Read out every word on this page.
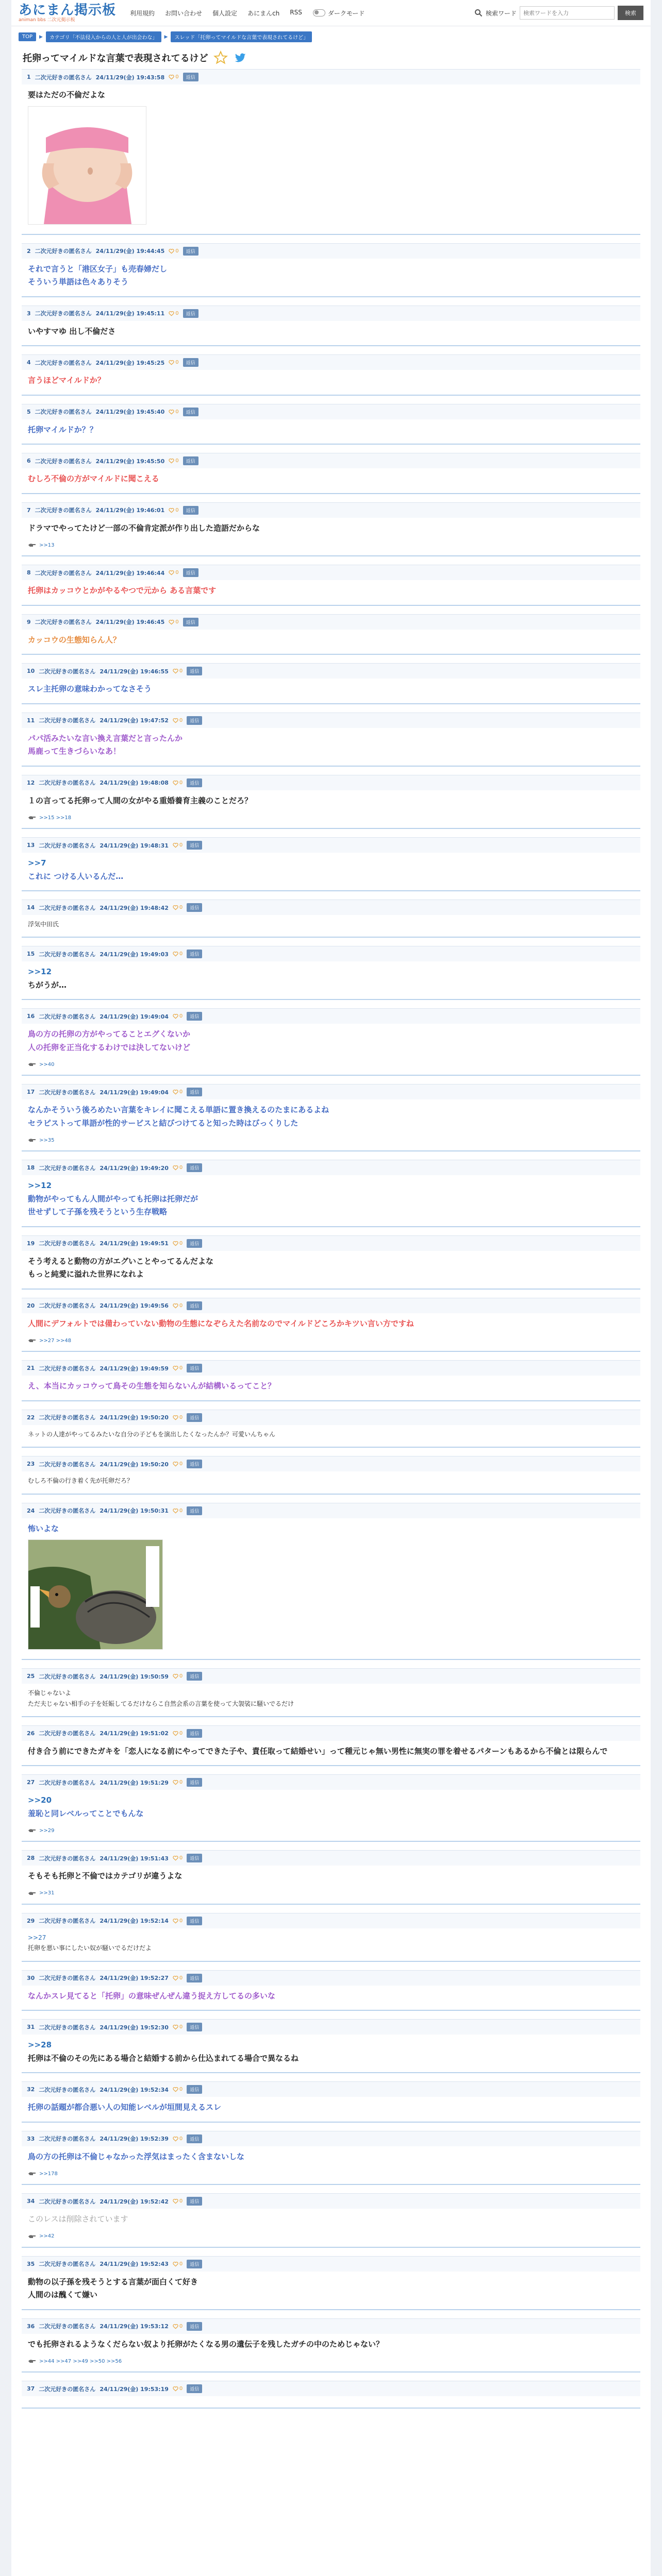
あにまん掲示板
animan bbs 二次元掲示板
利用規約	お問い合わせ	個人設定	あにまんch	RSS	ダークモード	検索ワード
検索ワードを入力	検索
TOP	▶	カテゴリ「不法侵入からの人と人が出会わな」	▶	スレッド「托卵ってマイルドな言葉で表現されてるけど」
托卵ってマイルドな言葉で表現されてるけど
1 二次元好きの匿名さん 24/11/29(金) 19:43:58 0	返信
要はただの不倫だよな
2 二次元好きの匿名さん 24/11/29(金) 19:44:45 0	返信
それで言うと「港区女子」も売春婦だし
そういう単語は色々ありそう
3 二次元好きの匿名さん 24/11/29(金) 19:45:11 0	返信
いやすマゆ 出し不倫ださ
4 二次元好きの匿名さん 24/11/29(金) 19:45:25 0	返信
言うほどマイルドか？
5 二次元好きの匿名さん 24/11/29(金) 19:45:40 0	返信
托卵マイルドか？？
6 二次元好きの匿名さん 24/11/29(金) 19:45:50 0	返信
むしろ不倫の方がマイルドに聞こえる
7 二次元好きの匿名さん 24/11/29(金) 19:46:01 0	返信
ドラマでやってたけど一部の不倫肯定派が作り出した造語だからな
>>13
8 二次元好きの匿名さん 24/11/29(金) 19:46:44 0	返信
托卵はカッコウとかがやるやつで元から ある言葉です
9 二次元好きの匿名さん 24/11/29(金) 19:46:45 0	返信
カッコウの生態知らん人？
10 二次元好きの匿名さん 24/11/29(金) 19:46:55 0	返信
スレ主托卵の意味わかってなさそう
11 二次元好きの匿名さん 24/11/29(金) 19:47:52 0	返信
パパ活みたいな言い換え言葉だと言ったんか
馬鹿って生きづらいなあ！
12 二次元好きの匿名さん 24/11/29(金) 19:48:08 0	返信
１の言ってる托卵って人間の女がやる重婚養育主義のことだろ？
>>15 >>18
13 二次元好きの匿名さん 24/11/29(金) 19:48:31 0	返信
>>7
これに つける人いるんだ…
14 二次元好きの匿名さん 24/11/29(金) 19:48:42 0	返信
浮気中田氏
15 二次元好きの匿名さん 24/11/29(金) 19:49:03 0	返信
>>12
ちがうが…
16 二次元好きの匿名さん 24/11/29(金) 19:49:04 0	返信
鳥の方の托卵の方がやってることエグくないか
人の托卵を正当化するわけでは決してないけど
>>40
17 二次元好きの匿名さん 24/11/29(金) 19:49:04 0	返信
なんかそういう後ろめたい言葉をキレイに聞こえる単語に置き換えるのたまにあるよね
セラピストって単語が性的サービスと結びつけてると知った時はびっくりした
>>35
18 二次元好きの匿名さん 24/11/29(金) 19:49:20 0	返信
>>12
動物がやってもん人間がやっても托卵は托卵だが
世せずして子孫を残そうという生存戦略
19 二次元好きの匿名さん 24/11/29(金) 19:49:51 0	返信
そう考えると動物の方がエグいことやってるんだよな
もっと純愛に溢れた世界になれよ
20 二次元好きの匿名さん 24/11/29(金) 19:49:56 0	返信
人間にデフォルトでは備わっていない動物の生態になぞらえた名前なのでマイルドどころかキツい言い方ですね
>>27 >>48
21 二次元好きの匿名さん 24/11/29(金) 19:49:59 0	返信
え、本当にカッコウって鳥その生態を知らないんが結構いるってこと？
22 二次元好きの匿名さん 24/11/29(金) 19:50:20 0	返信
ネットの人達がやってるみたいな自分の子どもを演出したくなったんか？可愛いんちゃん
23 二次元好きの匿名さん 24/11/29(金) 19:50:20 0	返信
むしろ不倫の行き着く先が托卵だろ？
24 二次元好きの匿名さん 24/11/29(金) 19:50:31 0	返信
怖いよな
25 二次元好きの匿名さん 24/11/29(金) 19:50:59 0	返信
不倫じゃないよ
ただ夫じゃない相手の子を妊娠してるだけならこ自然会系の言葉を使って大袈裟に騒いでるだけ
26 二次元好きの匿名さん 24/11/29(金) 19:51:02 0	返信
付き合う前にできたガキを「恋人になる前にやってできた子や、責任取って結婚せい」って種元じゃ無い男性に無実の罪を着せるパターンもあるから不倫とは限らんで
27 二次元好きの匿名さん 24/11/29(金) 19:51:29 0	返信
>>20
羞恥と同レベルってことでもんな
>>29
28 二次元好きの匿名さん 24/11/29(金) 19:51:43 0	返信
そもそも托卵と不倫ではカテゴリが違うよな
>>31
29 二次元好きの匿名さん 24/11/29(金) 19:52:14 0	返信
>>27
托卵を悪い事にしたい奴が騒いでるだけだよ
30 二次元好きの匿名さん 24/11/29(金) 19:52:27 0	返信
なんかスレ見てると「托卵」の意味ぜんぜん違う捉え方してるの多いな
31 二次元好きの匿名さん 24/11/29(金) 19:52:30 0	返信
>>28
托卵は不倫のその先にある場合と結婚する前から仕込まれてる場合で異なるね
32 二次元好きの匿名さん 24/11/29(金) 19:52:34 0	返信
托卵の話題が都合悪い人の知能レベルが垣間見えるスレ
33 二次元好きの匿名さん 24/11/29(金) 19:52:39 0	返信
鳥の方の托卵は不倫じゃなかった浮気はまったく含まないしな
>>178
34 二次元好きの匿名さん 24/11/29(金) 19:52:42 0	返信
このレスは削除されています
>>42
35 二次元好きの匿名さん 24/11/29(金) 19:52:43 0	返信
動物の以子孫を残そうとする言葉が面白くて好き
人間のは醜くて嫌い
36 二次元好きの匿名さん 24/11/29(金) 19:53:12 0	返信
でも托卵されるようなくだらない奴より托卵がたくなる男の遺伝子を残したガチの中のためじゃない？
>>44 >>47 >>49 >>50 >>56
37 二次元好きの匿名さん 24/11/29(金) 19:53:19 0	返信
